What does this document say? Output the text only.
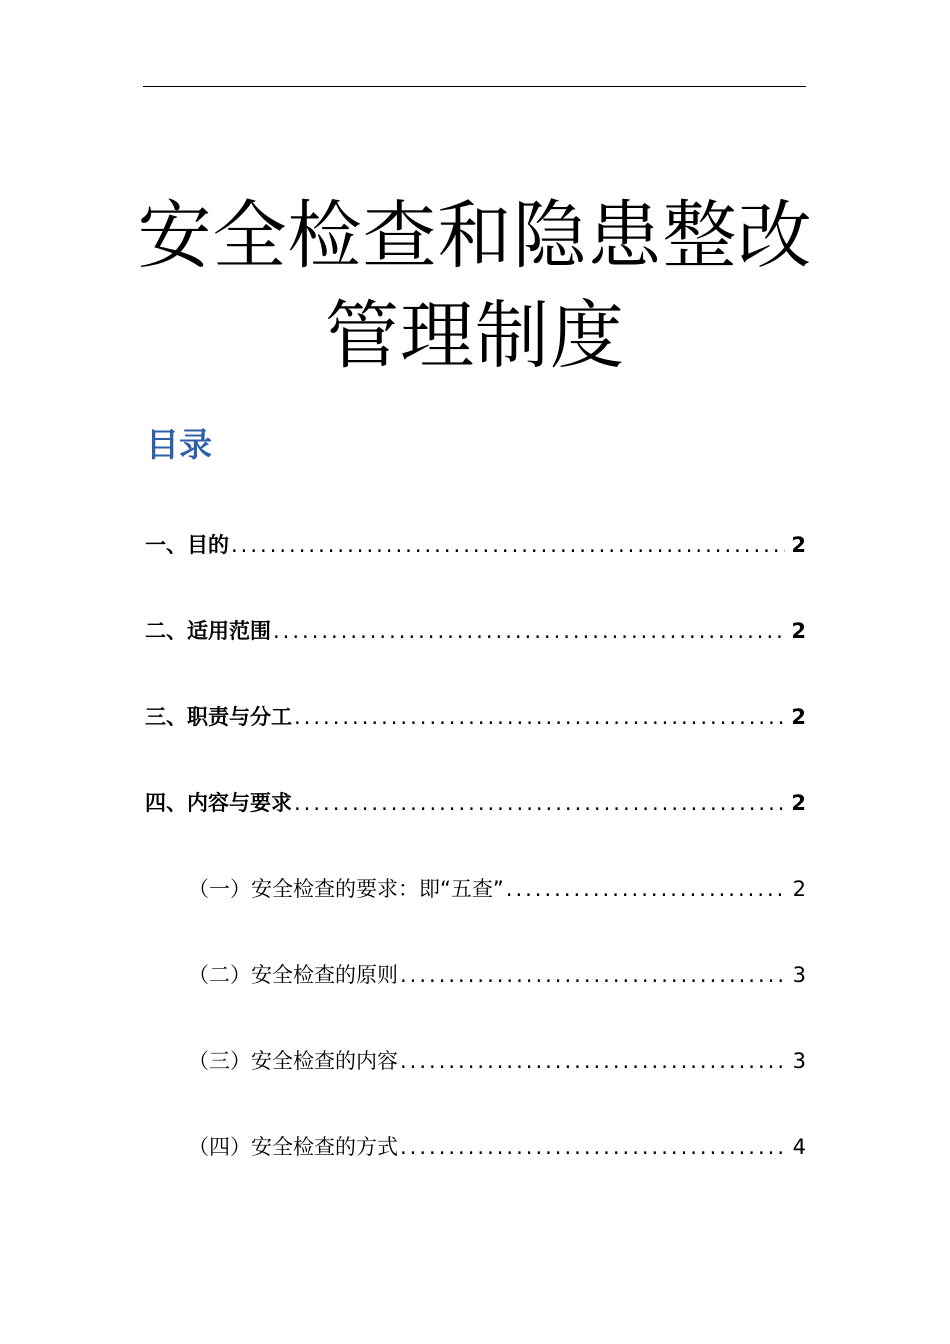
安全检查和隐患整改
管理制度
目录
一、目的 .....	2
二、适用范围 .....	2
三、职责与分工 .....	2
四、内容与要求 .....	2
（一）安全检查的要求：即“五查” .....	2
（二）安全检查的原则 .....	3
（三）安全检查的内容 .....	3
（四）安全检查的方式 .....	4
